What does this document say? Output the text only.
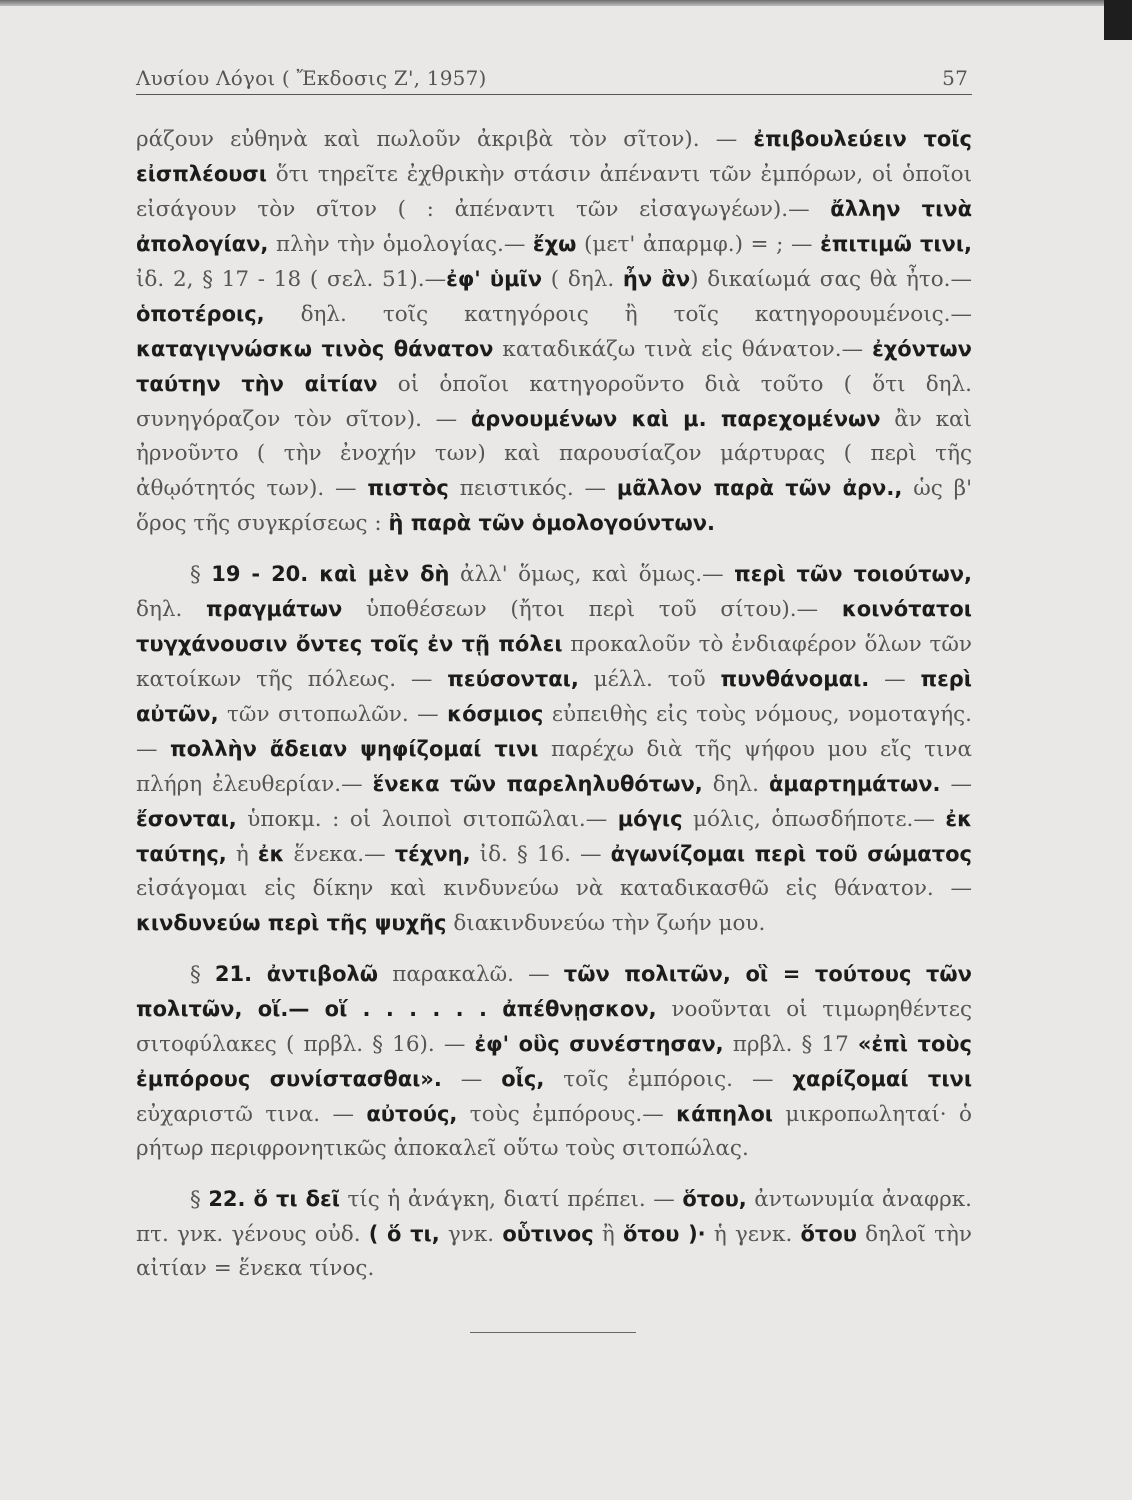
Λυσίου Λόγοι ( Ἔκδοσις Ζ', 1957)	57

ράζουν εὐθηνὰ καὶ πωλοῦν ἀκριβὰ τὸν σῖτον). — ἐπιβουλεύειν τοῖς εἰσπλέουσι ὅτι τηρεῖτε ἐχθρικὴν στάσιν ἀπέναντι τῶν ἐμπόρων, οἱ ὁποῖοι εἰσάγουν τὸν σῖτον ( : ἀπέναντι τῶν εἰσαγωγέων).— ἄλλην τινὰ ἀπολογίαν, πλὴν τὴν ὁμολογίας.— ἔχω (μετ' ἀπαρμφ.) = ; — ἐπιτιμῶ τινι, ἰδ. 2, § 17 - 18 ( σελ. 51).—ἐφ' ὑμῖν ( δηλ. ἦν ἂν) δικαίωμά σας θὰ ἦτο.— ὁποτέροις, δηλ. τοῖς κατηγόροις ἢ τοῖς κατηγορουμένοις.— καταγιγνώσκω τινὸς θάνατον καταδικάζω τινὰ εἰς θάνατον.— ἐχόντων ταύτην τὴν αἰτίαν οἱ ὁποῖοι κατηγοροῦντο διὰ τοῦτο ( ὅτι δηλ. συνηγόραζον τὸν σῖτον). — ἀρνουμένων καὶ μ. παρεχομένων ἂν καὶ ἠρνοῦντο ( τὴν ἐνοχήν των) καὶ παρουσίαζον μάρτυρας ( περὶ τῆς ἀθῳότητός των). — πιστὸς πειστικός. — μᾶλλον παρὰ τῶν ἀρν., ὡς β' ὅρος τῆς συγκρίσεως : ἢ παρὰ τῶν ὁμολογούντων.

§ 19 - 20. καὶ μὲν δὴ ἀλλ' ὅμως, καὶ ὅμως.— περὶ τῶν τοιούτων, δηλ. πραγμάτων ὑποθέσεων (ἤτοι περὶ τοῦ σίτου).— κοινότατοι τυγχάνουσιν ὄντες τοῖς ἐν τῇ πόλει προκαλοῦν τὸ ἐνδιαφέρον ὅλων τῶν κατοίκων τῆς πόλεως. — πεύσονται, μέλλ. τοῦ πυνθάνομαι. — περὶ αὐτῶν, τῶν σιτοπωλῶν. — κόσμιος εὐπειθὴς εἰς τοὺς νόμους, νομοταγής. — πολλὴν ἄδειαν ψηφίζομαί τινι παρέχω διὰ τῆς ψήφου μου εἴς τινα πλήρη ἐλευθερίαν.— ἕνεκα τῶν παρεληλυθότων, δηλ. ἁμαρτημάτων. — ἔσονται, ὑποκμ. : οἱ λοιποὶ σιτοπῶλαι.— μόγις μόλις, ὁπωσδήποτε.— ἐκ ταύτης, ἡ ἐκ ἕνεκα.— τέχνη, ἰδ. § 16. — ἀγωνίζομαι περὶ τοῦ σώματος εἰσάγομαι εἰς δίκην καὶ κινδυνεύω νὰ καταδικασθῶ εἰς θάνατον. — κινδυνεύω περὶ τῆς ψυχῆς διακινδυνεύω τὴν ζωήν μου.

§ 21. ἀντιβολῶ παρακαλῶ. — τῶν πολιτῶν, οἳ = τούτους τῶν πολιτῶν, οἵ.— οἵ . . . . . . ἀπέθνῃσκον, νοοῦνται οἱ τιμωρηθέντες σιτοφύλακες ( πρβλ. § 16). — ἐφ' οὓς συνέστησαν, πρβλ. § 17 «ἐπὶ τοὺς ἐμπόρους συνίστασθαι». — οἷς, τοῖς ἐμπόροις. — χαρίζομαί τινι εὐχαριστῶ τινα. — αὐτούς, τοὺς ἐμπόρους.— κάπηλοι μικροπωληταί· ὁ ρήτωρ περιφρονητικῶς ἀποκαλεῖ οὕτω τοὺς σιτοπώλας.

§ 22. ὅ τι δεῖ τίς ἡ ἀνάγκη, διατί πρέπει. — ὅτου, ἀντωνυμία ἀναφρκ. πτ. γνκ. γένους οὐδ. ( ὅ τι, γνκ. οὗτινος ἢ ὅτου )· ἡ γενκ. ὅτου δηλοῖ τὴν αἰτίαν = ἕνεκα τίνος.
